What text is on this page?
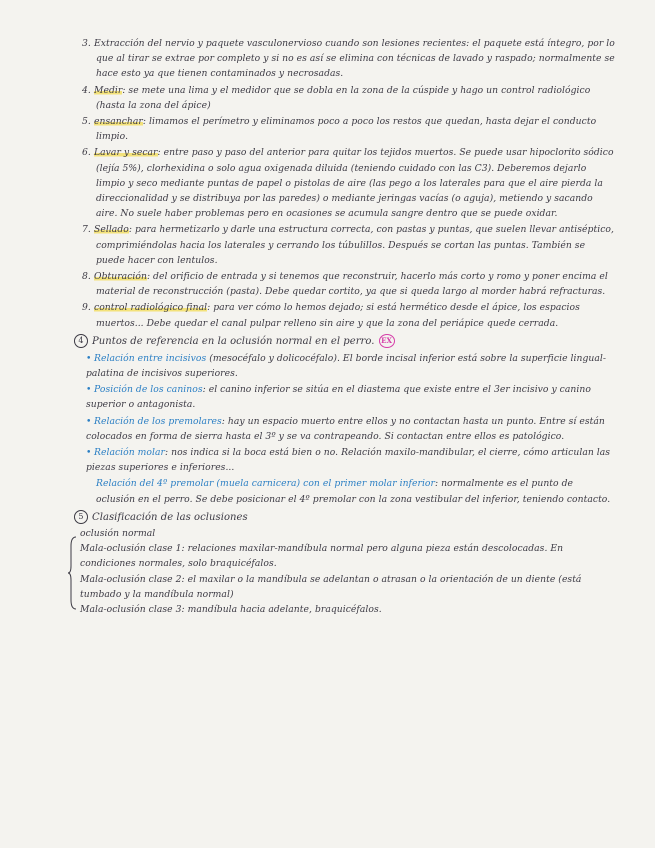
3. Extracción del nervio y paquete vasculonervioso cuando son lesiones recientes: el paquete está íntegro, por lo que al tirar se extrae por completo y si no es así se elimina con técnicas de lavado y raspado; normalmente se hace esto ya que tienen contaminados y necrosadas.

4. Medir: se mete una lima y el medidor que se dobla en la zona de la cúspide y hago un control radiológico (hasta la zona del ápice)

5. ensanchar: limamos el perímetro y eliminamos poco a poco los restos que quedan, hasta dejar el conducto limpio.

6. Lavar y secar: entre paso y paso del anterior para quitar los tejidos muertos. Se puede usar hipoclorito sódico (lejía 5%), clorhexidina o solo agua oxigenada diluida (teniendo cuidado con las C3). Deberemos dejarlo limpio y seco mediante puntas de papel o pistolas de aire (las pego a los laterales para que el aire pierda la direccionalidad y se distribuya por las paredes) o mediante jeringas vacías (o aguja), metiendo y sacando aire. No suele haber problemas pero en ocasiones se acumula sangre dentro que se puede oxidar.

7. Sellado: para hermetizarlo y darle una estructura correcta, con pastas y puntas, que suelen llevar antiséptico, comprimiéndolas hacia los laterales y cerrando los túbulillos. Después se cortan las puntas. También se puede hacer con lentulos.

8. Obturación: del orificio de entrada y si tenemos que reconstruir, hacerlo más corto y romo y poner encima el material de reconstrucción (pasta). Debe quedar cortito, ya que si queda largo al morder habrá refracturas.

9. control radiológico final: para ver cómo lo hemos dejado; si está hermético desde el ápice, los espacios muertos... Debe quedar el canal pulpar relleno sin aire y que la zona del periápice quede cerrada.

4 Puntos de referencia en la oclusión normal en el perro. EX

• Relación entre incisivos (mesocéfalo y dolicocéfalo). El borde incisal inferior está sobre la superficie lingual-palatina de incisivos superiores.

• Posición de los caninos: el canino inferior se sitúa en el diastema que existe entre el 3er incisivo y canino superior o antagonista.

• Relación de los premolares: hay un espacio muerto entre ellos y no contactan hasta un punto. Entre sí están colocados en forma de sierra hasta el 3º y se va contrapeando. Si contactan entre ellos es patológico.

• Relación molar: nos indica si la boca está bien o no. Relación maxilo-mandibular, el cierre, cómo articulan las piezas superiores e inferiores...

Relación del 4º premolar (muela carnicera) con el primer molar inferior: normalmente es el punto de oclusión en el perro. Se debe posicionar el 4º premolar con la zona vestibular del inferior, teniendo contacto.

5 Clasificación de las oclusiones

oclusión normal

Mala-oclusión clase 1: relaciones maxilar-mandíbula normal pero alguna pieza están descolocadas. En condiciones normales, solo braquicéfalos.

Mala-oclusión clase 2: el maxilar o la mandíbula se adelantan o atrasan o la orientación de un diente (está tumbado y la mandíbula normal)

Mala-oclusión clase 3: mandíbula hacia adelante, braquicéfalos.
